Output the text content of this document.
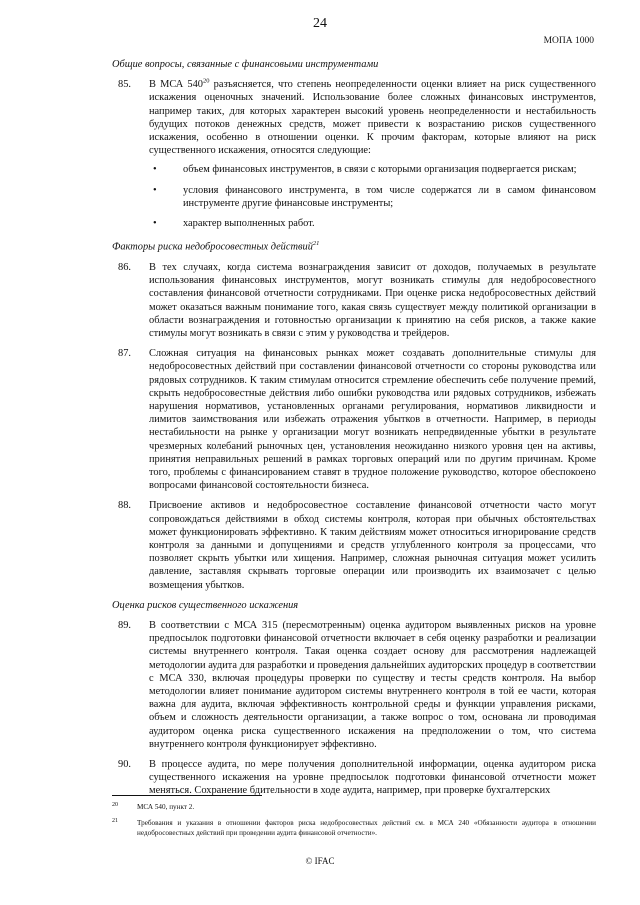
24
МОПА 1000
Общие вопросы, связанные с финансовыми инструментами
85. В МСА $540^{20}$ разъясняется, что степень неопределенности оценки влияет на риск существенного искажения оценочных значений. Использование более сложных финансовых инструментов, например таких, для которых характерен высокий уровень неопределенности и нестабильность будущих потоков денежных средств, может привести к возрастанию рисков существенного искажения, особенно в отношении оценки. К прочим факторам, которые влияют на риск существенного искажения, относятся следующие:
• объем финансовых инструментов, в связи с которыми организация подвергается рискам;
• условия финансового инструмента, в том числе содержатся ли в самом финансовом инструменте другие финансовые инструменты;
• характер выполненных работ.
Факторы риска недобросовестных действий$^{21}$
86. В тех случаях, когда система вознаграждения зависит от доходов, получаемых в результате использования финансовых инструментов, могут возникать стимулы для недобросовестного составления финансовой отчетности сотрудниками. При оценке риска недобросовестных действий может оказаться важным понимание того, какая связь существует между политикой организации в области вознаграждения и готовностью организации к принятию на себя рисков, а также какие стимулы могут возникать в связи с этим у руководства и трейдеров.
87. Сложная ситуация на финансовых рынках может создавать дополнительные стимулы для недобросовестных действий при составлении финансовой отчетности со стороны руководства или рядовых сотрудников. К таким стимулам относится стремление обеспечить себе получение премий, скрыть недобросовестные действия либо ошибки руководства или рядовых сотрудников, избежать нарушения нормативов, установленных органами регулирования, нормативов ликвидности и лимитов заимствования или избежать отражения убытков в отчетности. Например, в периоды нестабильности на рынке у организации могут возникать непредвиденные убытки в результате чрезмерных колебаний рыночных цен, установления неожиданно низкого уровня цен на активы, принятия неправильных решений в рамках торговых операций или по другим причинам. Кроме того, проблемы с финансированием ставят в трудное положение руководство, которое обеспокоено вопросами финансовой состоятельности бизнеса.
88. Присвоение активов и недобросовестное составление финансовой отчетности часто могут сопровождаться действиями в обход системы контроля, которая при обычных обстоятельствах может функционировать эффективно. К таким действиям может относиться игнорирование средств контроля за данными и допущениями и средств углубленного контроля за процессами, что позволяет скрыть убытки или хищения. Например, сложная рыночная ситуация может усилить давление, заставляя скрывать торговые операции или производить их взаимозачет с целью возмещения убытков.
Оценка рисков существенного искажения
89. В соответствии с МСА 315 (пересмотренным) оценка аудитором выявленных рисков на уровне предпосылок подготовки финансовой отчетности включает в себя оценку разработки и реализации системы внутреннего контроля. Такая оценка создает основу для рассмотрения надлежащей методологии аудита для разработки и проведения дальнейших аудиторских процедур в соответствии с МСА 330, включая процедуры проверки по существу и тесты средств контроля. На выбор методологии влияет понимание аудитором системы внутреннего контроля в той ее части, которая важна для аудита, включая эффективность контрольной среды и функции управления рисками, объем и сложность деятельности организации, а также вопрос о том, основана ли проводимая аудитором оценка риска существенного искажения на предположении о том, что система внутреннего контроля функционирует эффективно.
90. В процессе аудита, по мере получения дополнительной информации, оценка аудитором риска существенного искажения на уровне предпосылок подготовки финансовой отчетности может меняться. Сохранение бдительности в ходе аудита, например, при проверке бухгалтерских
20	МСА 540, пункт 2.
21	Требования и указания в отношении факторов риска недобросовестных действий см. в МСА 240 «Обязанности аудитора в отношении недобросовестных действий при проведении аудита финансовой отчетности».
© IFAC
